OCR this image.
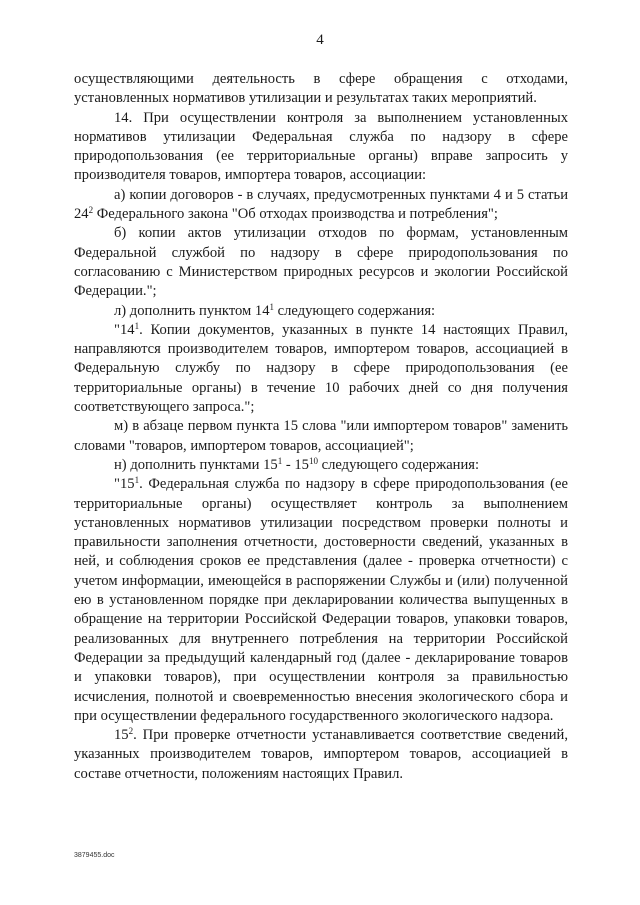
4

осуществляющими деятельность в сфере обращения с отходами, установленных нормативов утилизации и результатах таких мероприятий.

14. При осуществлении контроля за выполнением установленных нормативов утилизации Федеральная служба по надзору в сфере природопользования (ее территориальные органы) вправе запросить у производителя товаров, импортера товаров, ассоциации:

а) копии договоров - в случаях, предусмотренных пунктами 4 и 5 статьи $24^2$ Федерального закона "Об отходах производства и потребления";

б) копии актов утилизации отходов по формам, установленным Федеральной службой по надзору в сфере природопользования по согласованию с Министерством природных ресурсов и экологии Российской Федерации.";

л) дополнить пунктом $14^1$ следующего содержания:

"$14^1$. Копии документов, указанных в пункте 14 настоящих Правил, направляются производителем товаров, импортером товаров, ассоциацией в Федеральную службу по надзору в сфере природопользования (ее территориальные органы) в течение 10 рабочих дней со дня получения соответствующего запроса.";

м) в абзаце первом пункта 15 слова "или импортером товаров" заменить словами "товаров, импортером товаров, ассоциацией";

н) дополнить пунктами $15^1 - 15^{10}$ следующего содержания:

"$15^1$. Федеральная служба по надзору в сфере природопользования (ее территориальные органы) осуществляет контроль за выполнением установленных нормативов утилизации посредством проверки полноты и правильности заполнения отчетности, достоверности сведений, указанных в ней, и соблюдения сроков ее представления (далее - проверка отчетности) с учетом информации, имеющейся в распоряжении Службы и (или) полученной ею в установленном порядке при декларировании количества выпущенных в обращение на территории Российской Федерации товаров, упаковки товаров, реализованных для внутреннего потребления на территории Российской Федерации за предыдущий календарный год (далее - декларирование товаров и упаковки товаров), при осуществлении контроля за правильностью исчисления, полнотой и своевременностью внесения экологического сбора и при осуществлении федерального государственного экологического надзора.

$15^2$. При проверке отчетности устанавливается соответствие сведений, указанных производителем товаров, импортером товаров, ассоциацией в составе отчетности, положениям настоящих Правил.

3879455.doc
